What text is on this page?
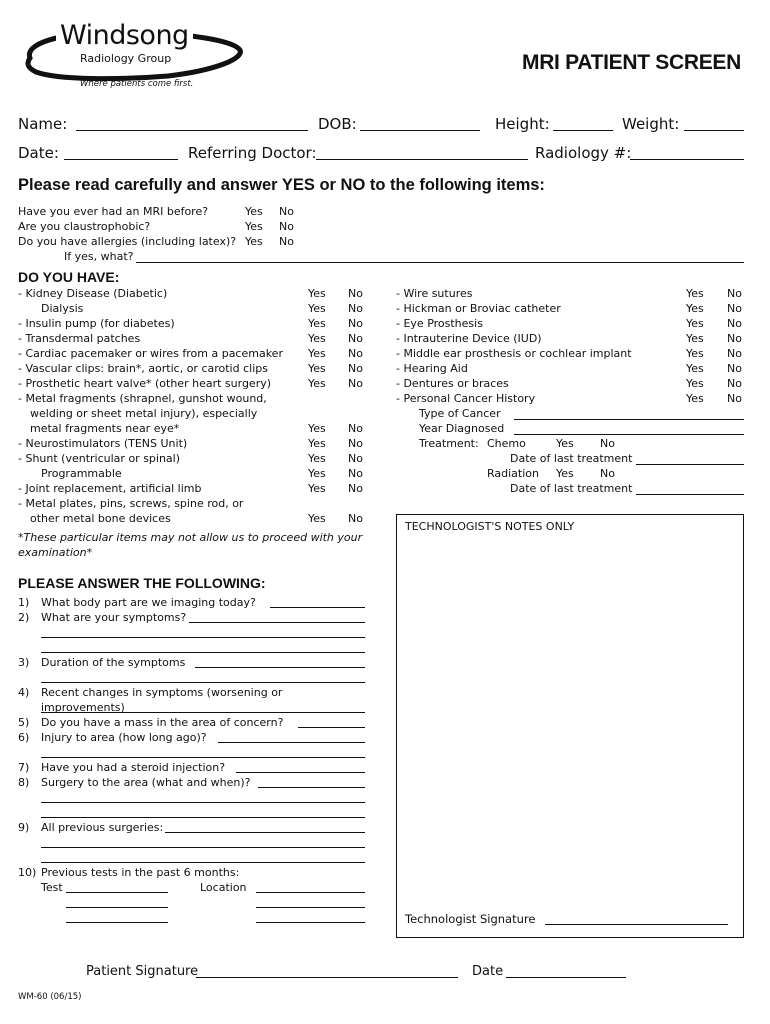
Windsong
Radiology Group
Where patients come first.
MRI PATIENT SCREEN
Name:	DOB:	Height:	Weight:
Date:	Referring Doctor:	Radiology #:
Please read carefully and answer YES or NO to the following items:
Have you ever had an MRI before?	Yes No
Are you claustrophobic?	Yes No
Do you have allergies (including latex)? Yes No
If yes, what?
DO YOU HAVE:
- Kidney Disease (Diabetic)	Yes No
Dialysis	Yes No
- Insulin pump (for diabetes)	Yes No
- Transdermal patches	Yes No
- Cardiac pacemaker or wires from a pacemaker Yes No
- Vascular clips: brain*, aortic, or carotid clips	Yes No
- Prosthetic heart valve* (other heart surgery)	Yes No
- Metal fragments (shrapnel, gunshot wound,
welding or sheet metal injury), especially
metal fragments near eye*	Yes No
- Neurostimulators (TENS Unit)	Yes No
- Shunt (ventricular or spinal)	Yes No
Programmable	Yes No
- Joint replacement, artificial limb	Yes No
- Metal plates, pins, screws, spine rod, or
other metal bone devices	Yes No
*These particular items may not allow us to proceed with your
examination*
- Wire sutures	Yes No
- Hickman or Broviac catheter	Yes No
- Eye Prosthesis	Yes No
- Intrauterine Device (IUD)	Yes No
- Middle ear prosthesis or cochlear implant	Yes No
- Hearing Aid	Yes No
- Dentures or braces	Yes No
- Personal Cancer History	Yes No
Type of Cancer
Year Diagnosed
Treatment: Chemo	Yes No
Date of last treatment
Radiation Yes No
Date of last treatment
TECHNOLOGIST'S NOTES ONLY
Technologist Signature
PLEASE ANSWER THE FOLLOWING:
1) What body part are we imaging today?
2) What are your symptoms?
3) Duration of the symptoms
4) Recent changes in symptoms (worsening or
improvements)
5) Do you have a mass in the area of concern?
6) Injury to area (how long ago)?
7) Have you had a steroid injection?
8) Surgery to the area (what and when)?
9) All previous surgeries:
10) Previous tests in the past 6 months:
Test	Location
Patient Signature	Date
WM-60 (06/15)
